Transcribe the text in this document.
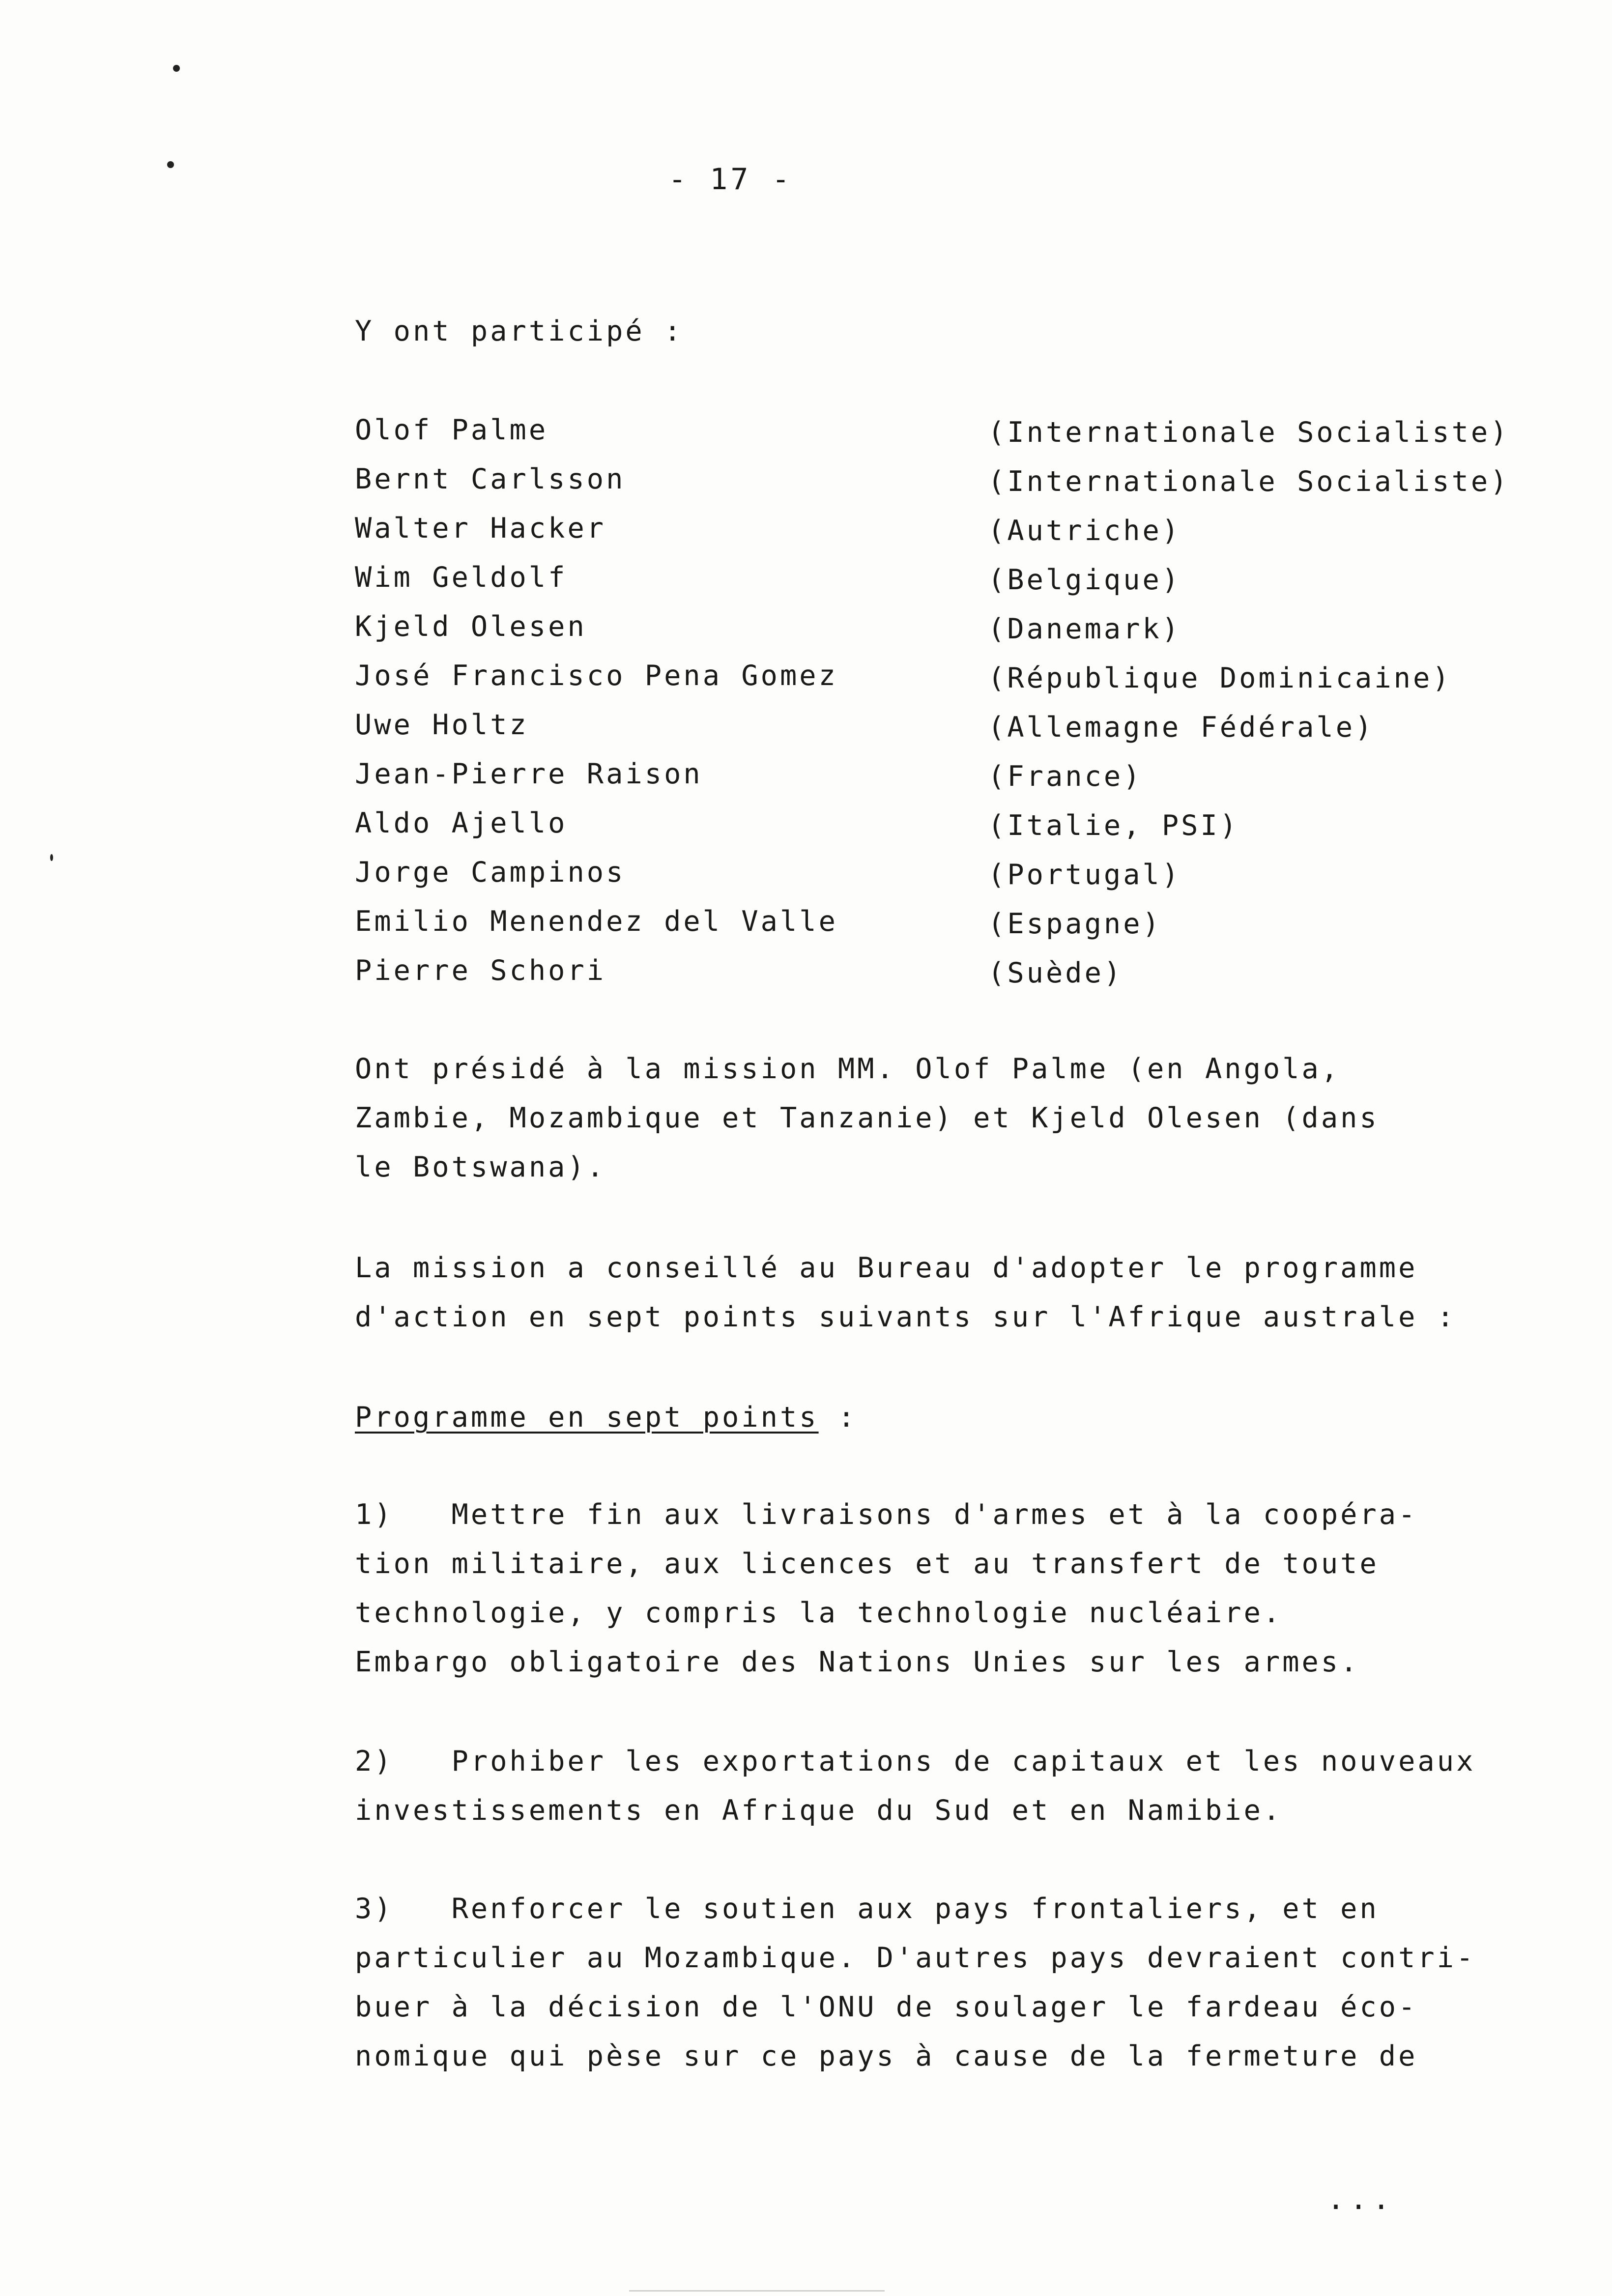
- 17 -
Y ont participé :
Olof Palme
Bernt Carlsson
Walter Hacker
Wim Geldolf
Kjeld Olesen
José Francisco Pena Gomez
Uwe Holtz
Jean-Pierre Raison
Aldo Ajello
Jorge Campinos
Emilio Menendez del Valle
Pierre Schori
(Internationale Socialiste)
(Internationale Socialiste)
(Autriche)
(Belgique)
(Danemark)
(République Dominicaine)
(Allemagne Fédérale)
(France)
(Italie, PSI)
(Portugal)
(Espagne)
(Suède)
Ont présidé à la mission MM. Olof Palme (en Angola,
Zambie, Mozambique et Tanzanie) et Kjeld Olesen (dans
le Botswana).
La mission a conseillé au Bureau d'adopter le programme
d'action en sept points suivants sur l'Afrique australe :
Programme en sept points :
1)   Mettre fin aux livraisons d'armes et à la coopéra-
tion militaire, aux licences et au transfert de toute
technologie, y compris la technologie nucléaire.
Embargo obligatoire des Nations Unies sur les armes.
2)   Prohiber les exportations de capitaux et les nouveaux
investissements en Afrique du Sud et en Namibie.
3)   Renforcer le soutien aux pays frontaliers, et en
particulier au Mozambique. D'autres pays devraient contri-
buer à la décision de l'ONU de soulager le fardeau éco-
nomique qui pèse sur ce pays à cause de la fermeture de
...
